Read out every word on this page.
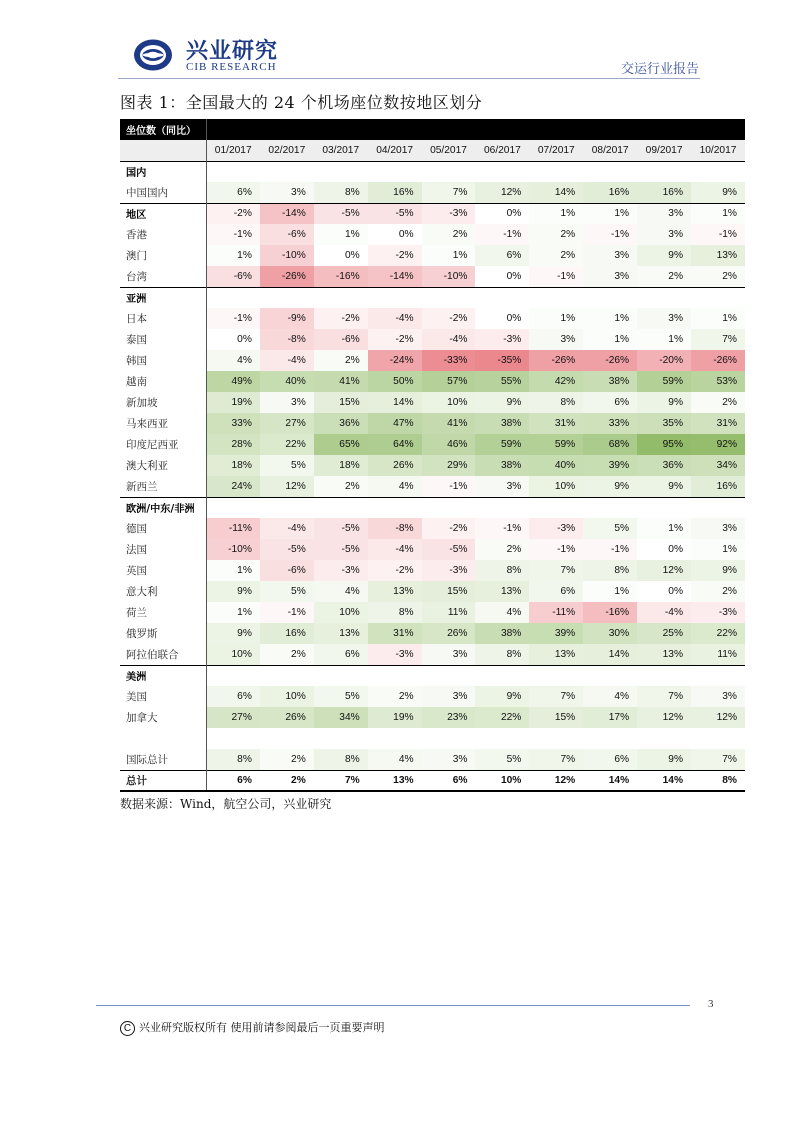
兴业研究
CIB RESEARCH	交运行业报告
图表 1：全国最大的 24 个机场座位数按地区划分
坐位数（同比）										
	01/2017	02/2017	03/2017	04/2017	05/2017	06/2017	07/2017	08/2017	09/2017	10/2017
国内										
中国国内	6%	3%	8%	16%	7%	12%	14%	16%	16%	9%
地区	-2%	-14%	-5%	-5%	-3%	0%	1%	1%	3%	1%
香港	-1%	-6%	1%	0%	2%	-1%	2%	-1%	3%	-1%
澳门	1%	-10%	0%	-2%	1%	6%	2%	3%	9%	13%
台湾	-6%	-26%	-16%	-14%	-10%	0%	-1%	3%	2%	2%
亚洲										
日本	-1%	-9%	-2%	-4%	-2%	0%	1%	1%	3%	1%
泰国	0%	-8%	-6%	-2%	-4%	-3%	3%	1%	1%	7%
韩国	4%	-4%	2%	-24%	-33%	-35%	-26%	-26%	-20%	-26%
越南	49%	40%	41%	50%	57%	55%	42%	38%	59%	53%
新加坡	19%	3%	15%	14%	10%	9%	8%	6%	9%	2%
马来西亚	33%	27%	36%	47%	41%	38%	31%	33%	35%	31%
印度尼西亚	28%	22%	65%	64%	46%	59%	59%	68%	95%	92%
澳大利亚	18%	5%	18%	26%	29%	38%	40%	39%	36%	34%
新西兰	24%	12%	2%	4%	-1%	3%	10%	9%	9%	16%
欧洲/中东/非洲										
德国	-11%	-4%	-5%	-8%	-2%	-1%	-3%	5%	1%	3%
法国	-10%	-5%	-5%	-4%	-5%	2%	-1%	-1%	0%	1%
英国	1%	-6%	-3%	-2%	-3%	8%	7%	8%	12%	9%
意大利	9%	5%	4%	13%	15%	13%	6%	1%	0%	2%
荷兰	1%	-1%	10%	8%	11%	4%	-11%	-16%	-4%	-3%
俄罗斯	9%	16%	13%	31%	26%	38%	39%	30%	25%	22%
阿拉伯联合	10%	2%	6%	-3%	3%	8%	13%	14%	13%	11%
美洲										
美国	6%	10%	5%	2%	3%	9%	7%	4%	7%	3%
加拿大	27%	26%	34%	19%	23%	22%	15%	17%	12%	12%

国际总计	8%	2%	8%	4%	3%	5%	7%	6%	9%	7%
总计	6%	2%	7%	13%	6%	10%	12%	14%	14%	8%
数据来源：Wind，航空公司，兴业研究
3
C 兴业研究版权所有 使用前请参阅最后一页重要声明
